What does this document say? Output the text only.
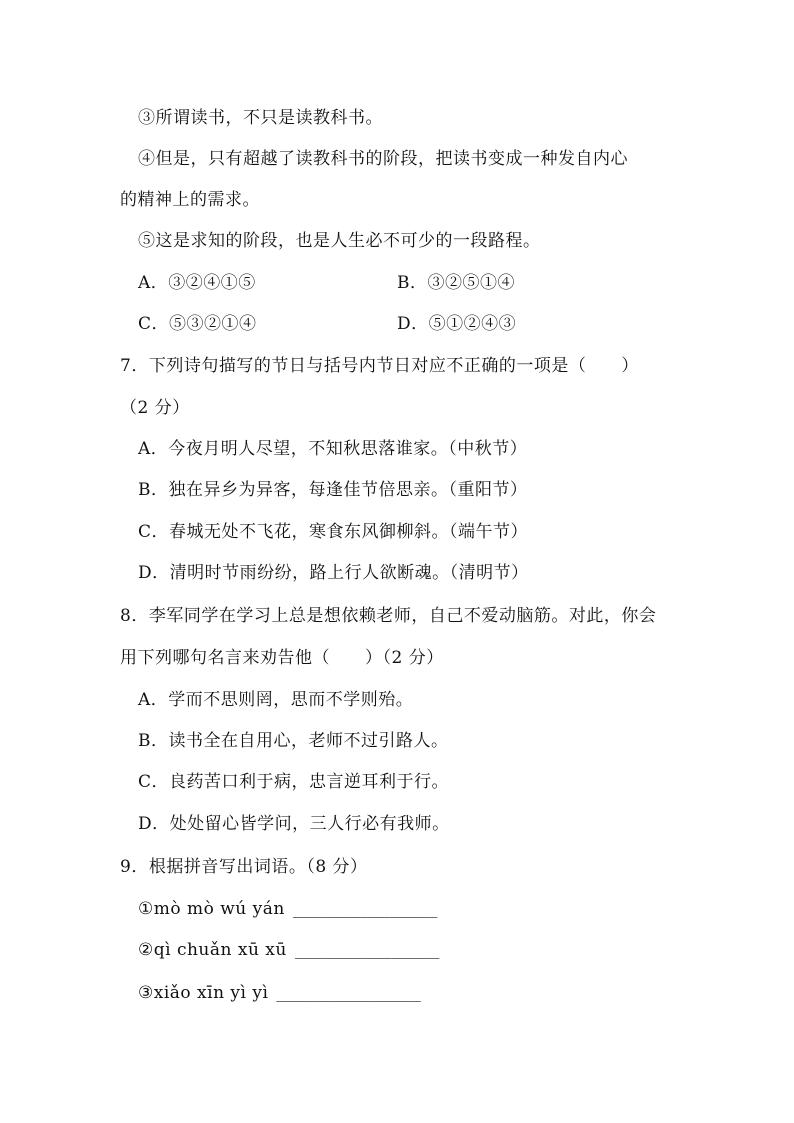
③所谓读书，不只是读教科书。
④但是，只有超越了读教科书的阶段，把读书变成一种发自内心
的精神上的需求。
⑤这是求知的阶段，也是人生必不可少的一段路程。
A．③②④①⑤	B．③②⑤①④
C．⑤③②①④	D．⑤①②④③
7．下列诗句描写的节日与括号内节日对应不正确的一项是（　　）
（2 分）
A．今夜月明人尽望，不知秋思落谁家。（中秋节）
B．独在异乡为异客，每逢佳节倍思亲。（重阳节）
C．春城无处不飞花，寒食东风御柳斜。（端午节）
D．清明时节雨纷纷，路上行人欲断魂。（清明节）
8．李军同学在学习上总是想依赖老师，自己不爱动脑筋。对此，你会
用下列哪句名言来劝告他（　　）（2 分）
A．学而不思则罔，思而不学则殆。
B．读书全在自用心，老师不过引路人。
C．良药苦口利于病，忠言逆耳利于行。
D．处处留心皆学问，三人行必有我师。
9．根据拼音写出词语。（8 分）
①mò mò wú yán _______________
②qì chuǎn xū xū _______________
③xiǎo xīn yì yì _______________
